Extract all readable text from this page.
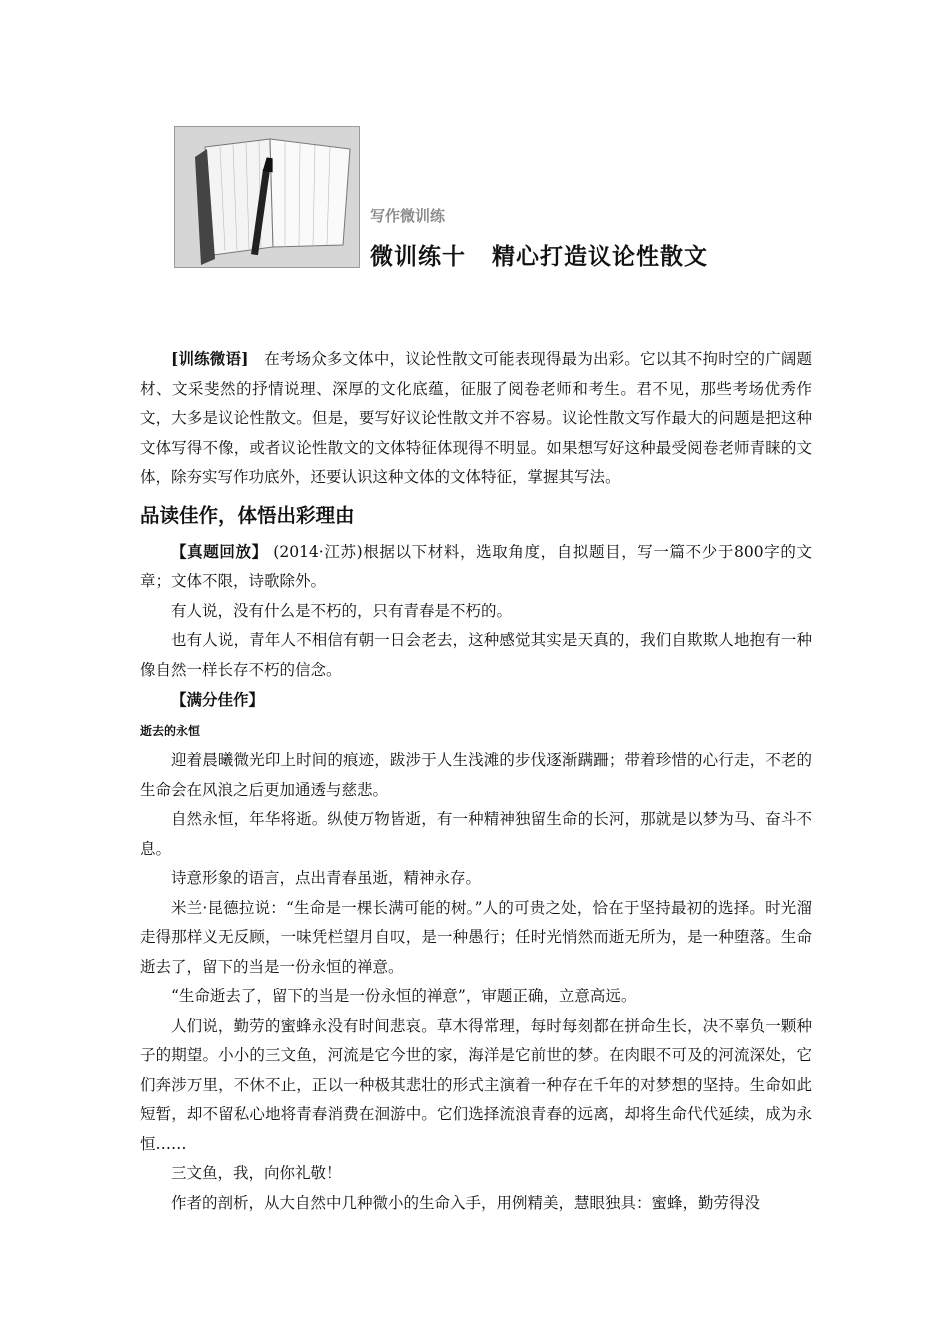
写作微训练
微训练十 精心打造议论性散文

[训练微语]　 在考场众多文体中，议论性散文可能表现得最为出彩。它以其不拘时空的广阔题材、文采斐然的抒情说理、深厚的文化底蕴，征服了阅卷老师和考生。君不见，那些考场优秀作文，大多是议论性散文。但是，要写好议论性散文并不容易。议论性散文写作最大的问题是把这种文体写得不像，或者议论性散文的文体特征体现得不明显。如果想写好这种最受阅卷老师青睐的文体，除夯实写作功底外，还要认识这种文体的文体特征，掌握其写法。

品读佳作，体悟出彩理由

【真题回放】 (2014·江苏)根据以下材料，选取角度，自拟题目，写一篇不少于800字的文章；文体不限，诗歌除外。

有人说，没有什么是不朽的，只有青春是不朽的。

也有人说，青年人不相信有朝一日会老去，这种感觉其实是天真的，我们自欺欺人地抱有一种像自然一样长存不朽的信念。

【满分佳作】

逝去的永恒

迎着晨曦微光印上时间的痕迹，跋涉于人生浅滩的步伐逐渐蹒跚；带着珍惜的心行走，不老的生命会在风浪之后更加通透与慈悲。

自然永恒，年华将逝。纵使万物皆逝，有一种精神独留生命的长河，那就是以梦为马、奋斗不息。

诗意形象的语言，点出青春虽逝，精神永存。

米兰·昆德拉说：“生命是一棵长满可能的树。”人的可贵之处，恰在于坚持最初的选择。时光溜走得那样义无反顾，一味凭栏望月自叹，是一种愚行；任时光悄然而逝无所为，是一种堕落。生命逝去了，留下的当是一份永恒的禅意。

“生命逝去了，留下的当是一份永恒的禅意”，审题正确，立意高远。

人们说，勤劳的蜜蜂永没有时间悲哀。草木得常理，每时每刻都在拼命生长，决不辜负一颗种子的期望。小小的三文鱼，河流是它今世的家，海洋是它前世的梦。在肉眼不可及的河流深处，它们奔涉万里，不休不止，正以一种极其悲壮的形式主演着一种存在千年的对梦想的坚持。生命如此短暂，却不留私心地将青春消费在洄游中。它们选择流浪青春的远离，却将生命代代延续，成为永恒……

三文鱼，我，向你礼敬！

作者的剖析，从大自然中几种微小的生命入手，用例精美，慧眼独具：蜜蜂，勤劳得没
